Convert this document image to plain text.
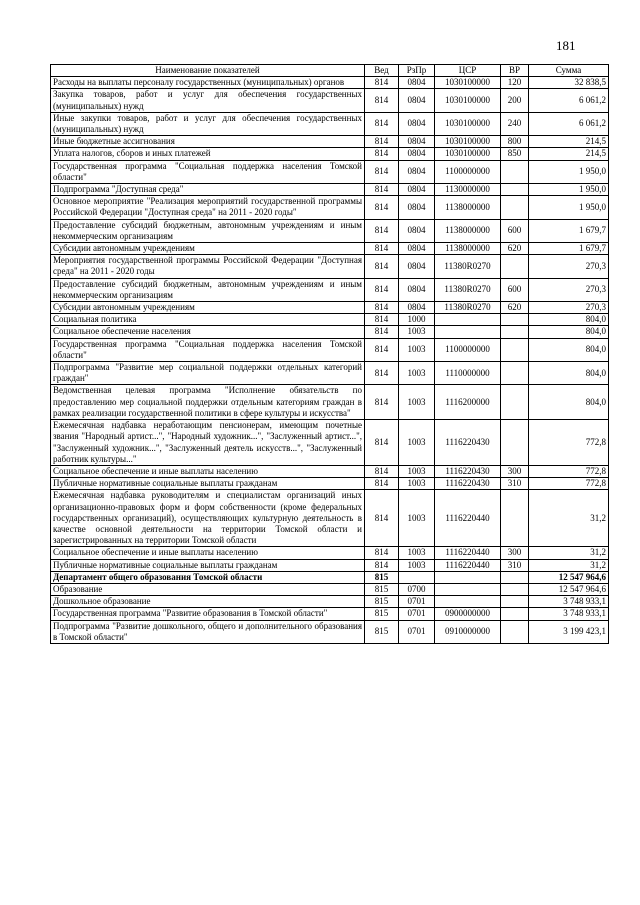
181
Наименование показателей	Вед	РзПр	ЦСР	ВР	Сумма
Расходы на выплаты персоналу государственных (муниципальных) органов	814	0804	1030100000	120	32 838,5
Закупка товаров, работ и услуг для обеспечения государственных (муниципальных) нужд	814	0804	1030100000	200	6 061,2
Иные закупки товаров, работ и услуг для обеспечения государственных (муниципальных) нужд	814	0804	1030100000	240	6 061,2
Иные бюджетные ассигнования	814	0804	1030100000	800	214,5
Уплата налогов, сборов и иных платежей	814	0804	1030100000	850	214,5
Государственная программа "Социальная поддержка населения Томской области"	814	0804	1100000000		1 950,0
Подпрограмма "Доступная среда"	814	0804	1130000000		1 950,0
Основное мероприятие "Реализация мероприятий государственной программы Российской Федерации "Доступная среда" на 2011 - 2020 годы"	814	0804	1138000000		1 950,0
Предоставление субсидий бюджетным, автономным учреждениям и иным некоммерческим организациям	814	0804	1138000000	600	1 679,7
Субсидии автономным учреждениям	814	0804	1138000000	620	1 679,7
Мероприятия государственной программы Российской Федерации "Доступная среда" на 2011 - 2020 годы	814	0804	11380R0270		270,3
Предоставление субсидий бюджетным, автономным учреждениям и иным некоммерческим организациям	814	0804	11380R0270	600	270,3
Субсидии автономным учреждениям	814	0804	11380R0270	620	270,3
Социальная политика	814	1000			804,0
Социальное обеспечение населения	814	1003			804,0
Государственная программа "Социальная поддержка населения Томской области"	814	1003	1100000000		804,0
Подпрограмма "Развитие мер социальной поддержки отдельных категорий граждан"	814	1003	1110000000		804,0
Ведомственная целевая программа "Исполнение обязательств по предоставлению мер социальной поддержки отдельным категориям граждан в рамках реализации государственной политики в сфере культуры и искусства"	814	1003	1116200000		804,0
Ежемесячная надбавка неработающим пенсионерам, имеющим почетные звания "Народный артист...", "Народный художник...", "Заслуженный артист...", "Заслуженный художник...", "Заслуженный деятель искусств...", "Заслуженный работник культуры..."	814	1003	1116220430		772,8
Социальное обеспечение и иные выплаты населению	814	1003	1116220430	300	772,8
Публичные нормативные социальные выплаты гражданам	814	1003	1116220430	310	772,8
Ежемесячная надбавка руководителям и специалистам организаций иных организационно-правовых форм и форм собственности (кроме федеральных государственных организаций), осуществляющих культурную деятельность в качестве основной деятельности на территории Томской области и зарегистрированных на территории Томской области	814	1003	1116220440		31,2
Социальное обеспечение и иные выплаты населению	814	1003	1116220440	300	31,2
Публичные нормативные социальные выплаты гражданам	814	1003	1116220440	310	31,2
Департамент общего образования Томской области	815				12 547 964,6
Образование	815	0700			12 547 964,6
Дошкольное образование	815	0701			3 748 933,1
Государственная программа "Развитие образования в Томской области"	815	0701	0900000000		3 748 933,1
Подпрограмма "Развитие дошкольного, общего и дополнительного образования в Томской области"	815	0701	0910000000		3 199 423,1
